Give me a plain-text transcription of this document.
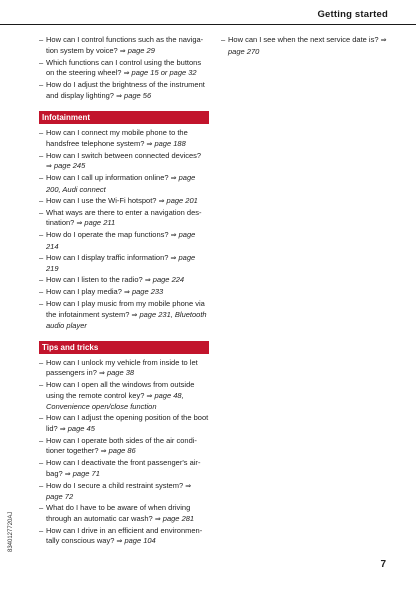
Getting started
– How can I control functions such as the navigation system by voice? ⇒ page 29
– Which functions can I control using the buttons on the steering wheel? ⇒ page 15 or page 32
– How do I adjust the brightness of the instrument and display lighting? ⇒ page 56
Infotainment
– How can I connect my mobile phone to the handsfree telephone system? ⇒ page 188
– How can I switch between connected devices? ⇒ page 245
– How can I call up information online? ⇒ page 200, Audi connect
– How can I use the Wi-Fi hotspot? ⇒ page 201
– What ways are there to enter a navigation destination? ⇒ page 211
– How do I operate the map functions? ⇒ page 214
– How can I display traffic information? ⇒ page 219
– How can I listen to the radio? ⇒ page 224
– How can I play media? ⇒ page 233
– How can I play music from my mobile phone via the infotainment system? ⇒ page 231, Bluetooth audio player
Tips and tricks
– How can I unlock my vehicle from inside to let passengers in? ⇒ page 38
– How can I open all the windows from outside using the remote control key? ⇒ page 48, Convenience open/close function
– How can I adjust the opening position of the boot lid? ⇒ page 45
– How can I operate both sides of the air conditioner together? ⇒ page 86
– How can I deactivate the front passenger's airbag? ⇒ page 71
– How do I secure a child restraint system? ⇒ page 72
– What do I have to be aware of when driving through an automatic car wash? ⇒ page 281
– How can I drive in an efficient and environmentally conscious way? ⇒ page 104
– How can I see when the next service date is? ⇒ page 270
8340127720AJ
7
